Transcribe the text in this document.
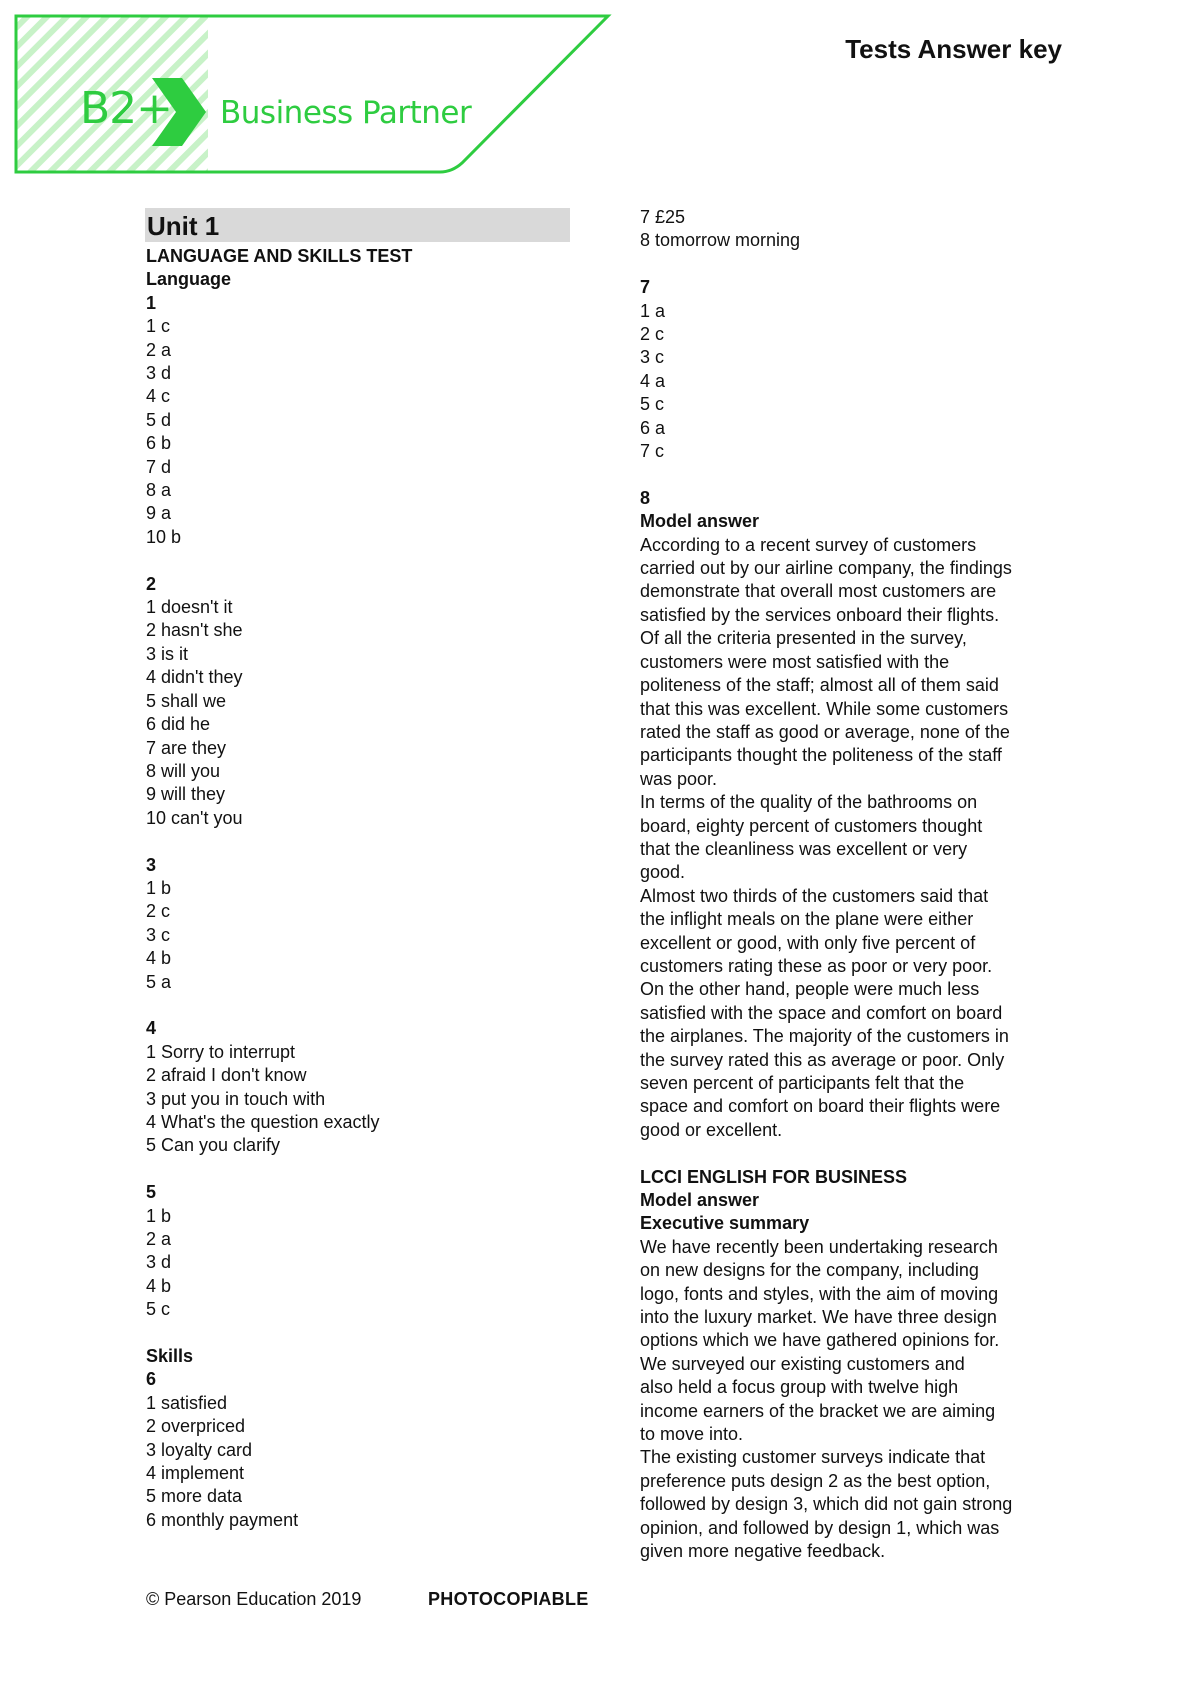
B2+ Business Partner
Tests Answer key
Unit 1
LANGUAGE AND SKILLS TEST
Language
1
1 c
2 a
3 d
4 c
5 d
6 b
7 d
8 a
9 a
10 b
2
1 doesn't it
2 hasn't she
3 is it
4 didn't they
5 shall we
6 did he
7 are they
8 will you
9 will they
10 can't you
3
1 b
2 c
3 c
4 b
5 a
4
1 Sorry to interrupt
2 afraid I don't know
3 put you in touch with
4 What's the question exactly
5 Can you clarify
5
1 b
2 a
3 d
4 b
5 c
Skills
6
1 satisfied
2 overpriced
3 loyalty card
4 implement
5 more data
6 monthly payment
7 £25
8 tomorrow morning
7
1 a
2 c
3 c
4 a
5 c
6 a
7 c
8
Model answer
According to a recent survey of customers
carried out by our airline company, the findings
demonstrate that overall most customers are
satisfied by the services onboard their flights.
Of all the criteria presented in the survey,
customers were most satisfied with the
politeness of the staff; almost all of them said
that this was excellent. While some customers
rated the staff as good or average, none of the
participants thought the politeness of the staff
was poor.
In terms of the quality of the bathrooms on
board, eighty percent of customers thought
that the cleanliness was excellent or very
good.
Almost two thirds of the customers said that
the inflight meals on the plane were either
excellent or good, with only five percent of
customers rating these as poor or very poor.
On the other hand, people were much less
satisfied with the space and comfort on board
the airplanes. The majority of the customers in
the survey rated this as average or poor. Only
seven percent of participants felt that the
space and comfort on board their flights were
good or excellent.
LCCI ENGLISH FOR BUSINESS
Model answer
Executive summary
We have recently been undertaking research
on new designs for the company, including
logo, fonts and styles, with the aim of moving
into the luxury market. We have three design
options which we have gathered opinions for.
We surveyed our existing customers and
also held a focus group with twelve high
income earners of the bracket we are aiming
to move into.
The existing customer surveys indicate that
preference puts design 2 as the best option,
followed by design 3, which did not gain strong
opinion, and followed by design 1, which was
given more negative feedback.
© Pearson Education 2019	PHOTOCOPIABLE
